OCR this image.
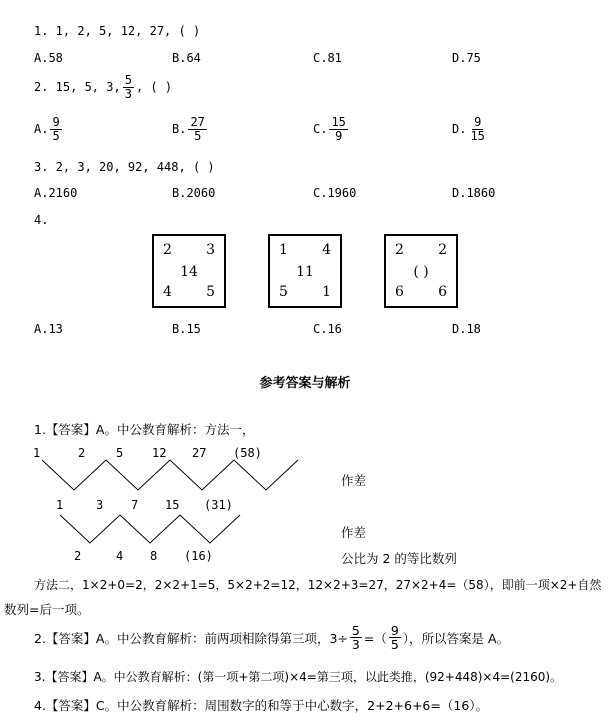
1. 1, 2, 5, 12, 27, ( )
A.58	B.64	C.81	D.75
2. 15, 5, 3, $\frac{5}{3}$ , ( )
A. $\frac{9}{5}$	B. $\frac{27}{5}$	C. $\frac{15}{9}$	D. $\frac{9}{15}$
3. 2, 3, 20, 92, 448, ( )
A.2160	B.2060	C.1960	D.1860
4.
2 3
14
4 5
1 4
11
5 1
2 2
( )
6 6
A.13	B.15	C.16	D.18
参考答案与解析
1.【答案】A。中公教育解析：方法一，
1	2	5 12 27 (58)
1	3 7 15 (31)
2	4 8 (16)
作差
作差
公比为 2 的等比数列
方法二，1×2+0=2，2×2+1=5，5×2+2=12，12×2+3=27，27×2+4=（58），即前一项×2+自然
数列=后一项。
2.【答案】A。中公教育解析：前两项相除得第三项，$3\div \frac{5}{3}$ =（ $\frac{9}{5}$ ），所以答案是 A。
3.【答案】A。中公教育解析：(第一项+第二项)×4=第三项，以此类推，(92+448)×4=(2160)。
4.【答案】C。中公教育解析：周围数字的和等于中心数字，2+2+6+6=（16）。
